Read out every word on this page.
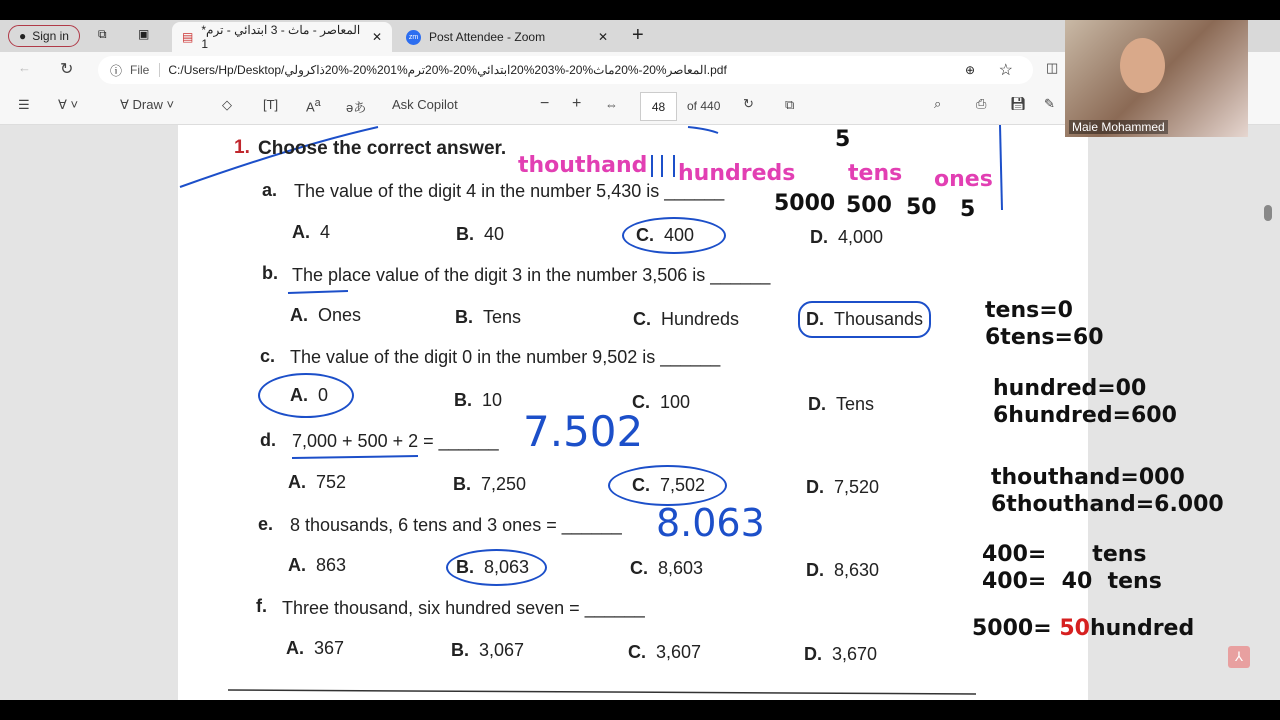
● Sign in ⧉	▣	▤ *المعاصر - ماث - 3 ابتدائي - ترم 1	✕	zm Post Attendee - Zoom	✕ +
← ↻	ⓘ File	C:/Users/Hp/Desktop/المعاصر%20-%20ماث%20-%203%20ابتدائي%20-%20ترم%201%20-%20ذاكرولي.pdf	⊕ ☆	◫
☰ ∀ ˅	∀ Draw ˅	◇ [T] $A^a$ əあ Ask Copilot	− + ⇔	48	of 440 ↻ ⧉	⌕	⎙ 💾︎ ✎
1. Choose the correct answer.	5
thouthand hundreds tens ones
5000 500 50 5
a. The value of the digit 4 in the number 5,430 is ______
A. 4	B. 40	C. 400	D. 4,000
b. The place value of the digit 3 in the number 3,506 is ______
A. Ones	B. Tens	C. Hundreds	D. Thousands
c. The value of the digit 0 in the number 9,502 is ______
A. 0	B. 10	C. 100	D. Tens
d. 7,000 + 500 + 2 = ______ 7.502
A. 752	B. 7,250	C. 7,502	D. 7,520
e. 8 thousands, 6 tens and 3 ones = ______ 8.063
A. 863	B. 8,063	C. 8,603	D. 8,630
f. Three thousand, six hundred seven = ______
A. 367	B. 3,067	C. 3,607	D. 3,670
tens=0
6tens=60
hundred=00
6hundred=600
thouthand=000
6thouthand=6.000
400=      tens
400=  40  tens
5000= 50hundred
⅄
Maie Mohammed
